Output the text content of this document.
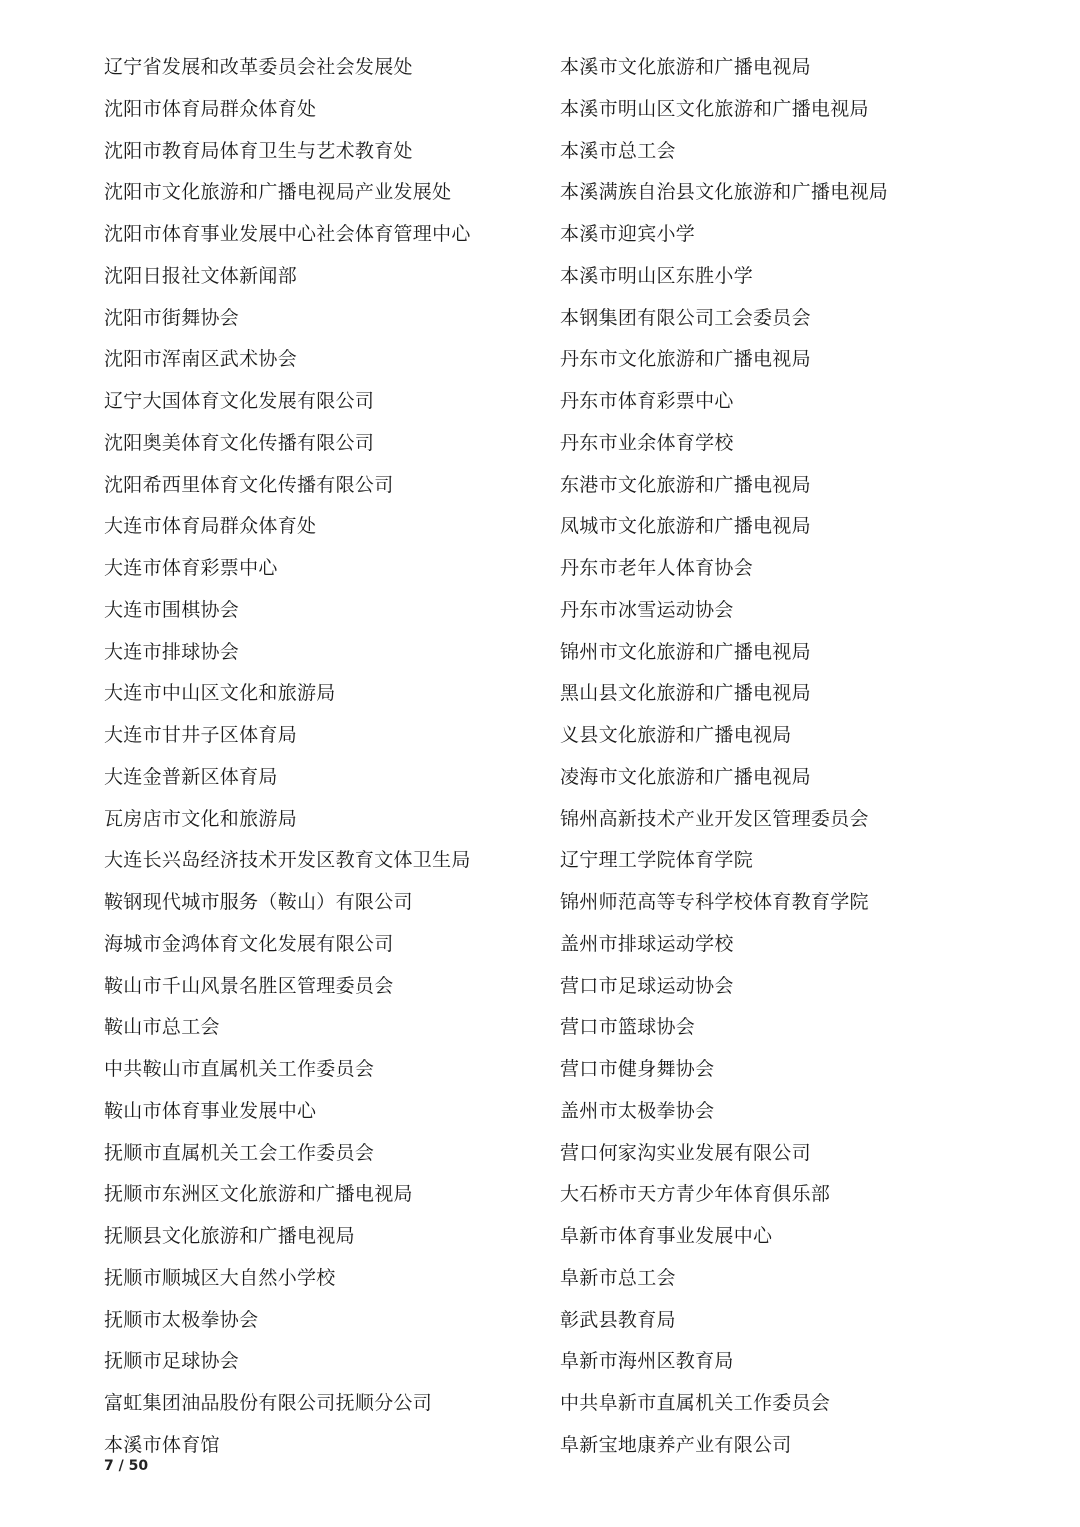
辽宁省发展和改革委员会社会发展处
沈阳市体育局群众体育处
沈阳市教育局体育卫生与艺术教育处
沈阳市文化旅游和广播电视局产业发展处
沈阳市体育事业发展中心社会体育管理中心
沈阳日报社文体新闻部
沈阳市街舞协会
沈阳市浑南区武术协会
辽宁大国体育文化发展有限公司
沈阳奥美体育文化传播有限公司
沈阳希西里体育文化传播有限公司
大连市体育局群众体育处
大连市体育彩票中心
大连市围棋协会
大连市排球协会
大连市中山区文化和旅游局
大连市甘井子区体育局
大连金普新区体育局
瓦房店市文化和旅游局
大连长兴岛经济技术开发区教育文体卫生局
鞍钢现代城市服务（鞍山）有限公司
海城市金鸿体育文化发展有限公司
鞍山市千山风景名胜区管理委员会
鞍山市总工会
中共鞍山市直属机关工作委员会
鞍山市体育事业发展中心
抚顺市直属机关工会工作委员会
抚顺市东洲区文化旅游和广播电视局
抚顺县文化旅游和广播电视局
抚顺市顺城区大自然小学校
抚顺市太极拳协会
抚顺市足球协会
富虹集团油品股份有限公司抚顺分公司
本溪市体育馆
本溪市文化旅游和广播电视局
本溪市明山区文化旅游和广播电视局
本溪市总工会
本溪满族自治县文化旅游和广播电视局
本溪市迎宾小学
本溪市明山区东胜小学
本钢集团有限公司工会委员会
丹东市文化旅游和广播电视局
丹东市体育彩票中心
丹东市业余体育学校
东港市文化旅游和广播电视局
凤城市文化旅游和广播电视局
丹东市老年人体育协会
丹东市冰雪运动协会
锦州市文化旅游和广播电视局
黑山县文化旅游和广播电视局
义县文化旅游和广播电视局
凌海市文化旅游和广播电视局
锦州高新技术产业开发区管理委员会
辽宁理工学院体育学院
锦州师范高等专科学校体育教育学院
盖州市排球运动学校
营口市足球运动协会
营口市篮球协会
营口市健身舞协会
盖州市太极拳协会
营口何家沟实业发展有限公司
大石桥市天方青少年体育俱乐部
阜新市体育事业发展中心
阜新市总工会
彰武县教育局
阜新市海州区教育局
中共阜新市直属机关工作委员会
阜新宝地康养产业有限公司
7 / 50
